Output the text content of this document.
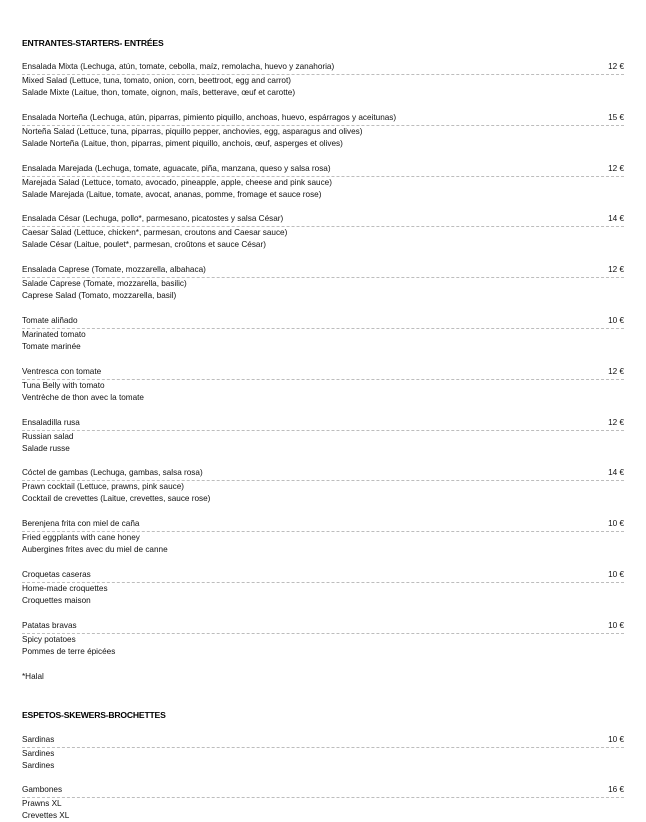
ENTRANTES-STARTERS- ENTRÉES
Ensalada Mixta (Lechuga, atún, tomate, cebolla, maíz, remolacha, huevo y zanahoria)	12 €
Mixed Salad (Lettuce, tuna, tomato, onion, corn, beettroot, egg and carrot)
Salade Mixte (Laitue, thon, tomate, oignon, maïs, betterave, œuf et carotte)
Ensalada Norteña (Lechuga, atún, piparras, pimiento piquillo, anchoas, huevo, espárragos y aceitunas)	15 €
Norteña Salad (Lettuce, tuna, piparras, piquillo pepper, anchovies, egg, asparagus and olives)
Salade Norteña (Laitue, thon, piparras, piment piquillo, anchois, œuf, asperges et olives)
Ensalada Marejada (Lechuga, tomate, aguacate, piña, manzana, queso y salsa rosa)	12 €
Marejada Salad (Lettuce, tomato, avocado, pineapple, apple, cheese and pink sauce)
Salade Marejada (Laitue, tomate, avocat, ananas, pomme, fromage et sauce rose)
Ensalada César (Lechuga, pollo*, parmesano, picatostes y salsa César)	14 €
Caesar Salad (Lettuce, chicken*, parmesan, croutons and Caesar sauce)
Salade César (Laitue, poulet*, parmesan, croûtons et sauce César)
Ensalada Caprese (Tomate, mozzarella, albahaca)	12 €
Salade Caprese (Tomate, mozzarella, basilic)
Caprese Salad (Tomato, mozzarella, basil)
Tomate aliñado	10 €
Marinated tomato
Tomate marinée
Ventresca con tomate	12 €
Tuna Belly with tomato
Ventrèche de thon avec la tomate
Ensaladilla rusa	12 €
Russian salad
Salade russe
Cóctel de gambas (Lechuga, gambas, salsa rosa)	14 €
Prawn cocktail (Lettuce, prawns, pink sauce)
Cocktail de crevettes (Laitue, crevettes, sauce rose)
Berenjena frita con miel de caña	10 €
Fried eggplants with cane honey
Aubergines frites avec du miel de canne
Croquetas caseras	10 €
Home-made croquettes
Croquettes maison
Patatas bravas	10 €
Spicy potatoes
Pommes de terre épicées
*Halal
ESPETOS-SKEWERS-BROCHETTES
Sardinas	10 €
Sardines
Sardines
Gambones	16 €
Prawns XL
Crevettes XL
